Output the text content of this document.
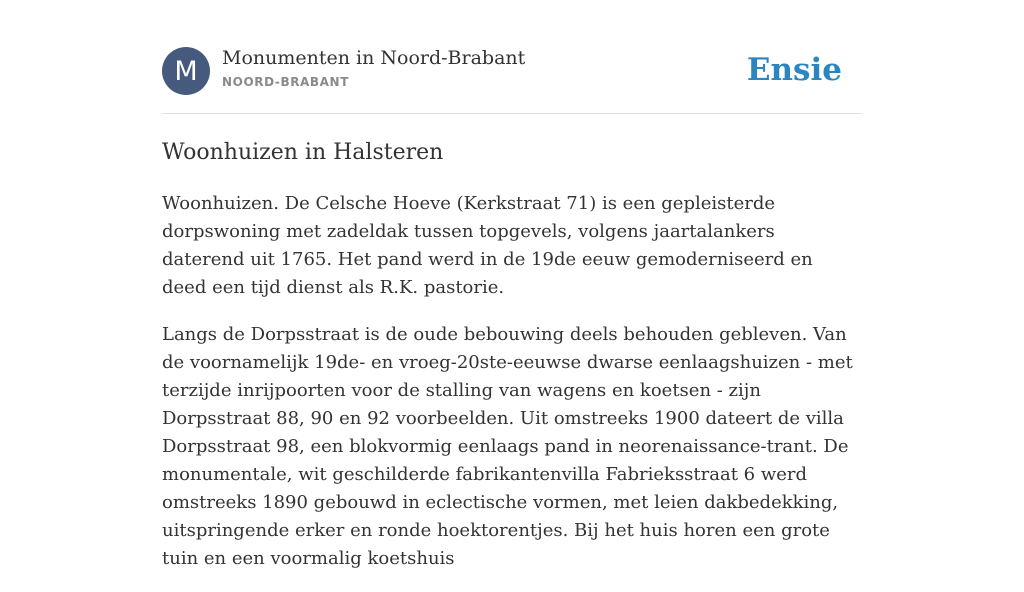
M Monumenten in Noord-Brabant
NOORD-BRABANT	Ensie
Woonhuizen in Halsteren

Woonhuizen. De Celsche Hoeve (Kerkstraat 71) is een gepleisterde dorpswoning met zadeldak tussen topgevels, volgens jaartalankers daterend uit 1765. Het pand werd in de 19de eeuw gemoderniseerd en deed een tijd dienst als R.K. pastorie.

Langs de Dorpsstraat is de oude bebouwing deels behouden gebleven. Van de voornamelijk 19de- en vroeg-20ste-eeuwse dwarse eenlaagshuizen - met terzijde inrijpoorten voor de stalling van wagens en koetsen - zijn Dorpsstraat 88, 90 en 92 voorbeelden. Uit omstreeks 1900 dateert de villa Dorpsstraat 98, een blokvormig eenlaags pand in neorenaissance-trant. De monumentale, wit geschilderde fabrikantenvilla Fabrieksstraat 6 werd omstreeks 1890 gebouwd in eclectische vormen, met leien dakbedekking, uitspringende erker en ronde hoektorentjes. Bij het huis horen een grote tuin en een voormalig koetshuis
